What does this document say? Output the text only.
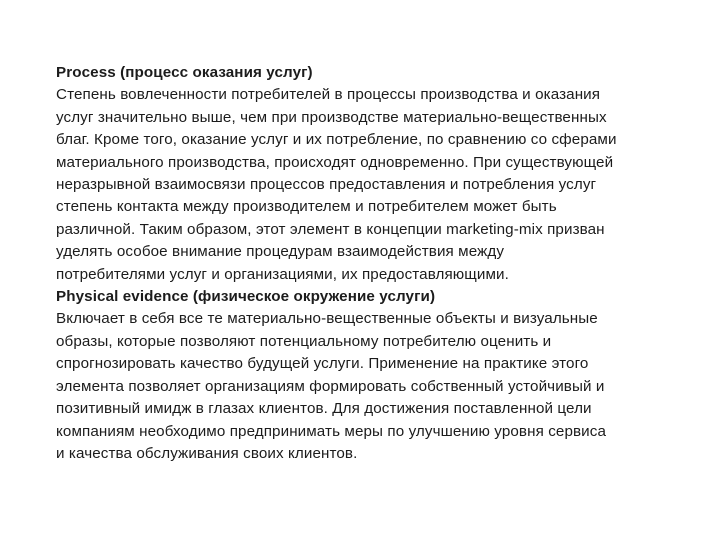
Process (процесс оказания услуг)

Степень вовлеченности потребителей в процессы производства и оказания
услуг значительно выше, чем при производстве материально-вещественных
благ. Кроме того, оказание услуг и их потребление, по сравнению со сферами
материального производства, происходят одновременно. При существующей
неразрывной взаимосвязи процессов предоставления и потребления услуг
степень контакта между производителем и потребителем может быть
различной. Таким образом, этот элемент в концепции marketing-mix призван
уделять особое внимание процедурам взаимодействия между
потребителями услуг и организациями, их предоставляющими.

Physical evidence (физическое окружение услуги)

Включает в себя все те материально-вещественные объекты и визуальные
образы, которые позволяют потенциальному потребителю оценить и
спрогнозировать качество будущей услуги. Применение на практике этого
элемента позволяет организациям формировать собственный устойчивый и
позитивный имидж в глазах клиентов. Для достижения поставленной цели
компаниям необходимо предпринимать меры по улучшению уровня сервиса
и качества обслуживания своих клиентов.
